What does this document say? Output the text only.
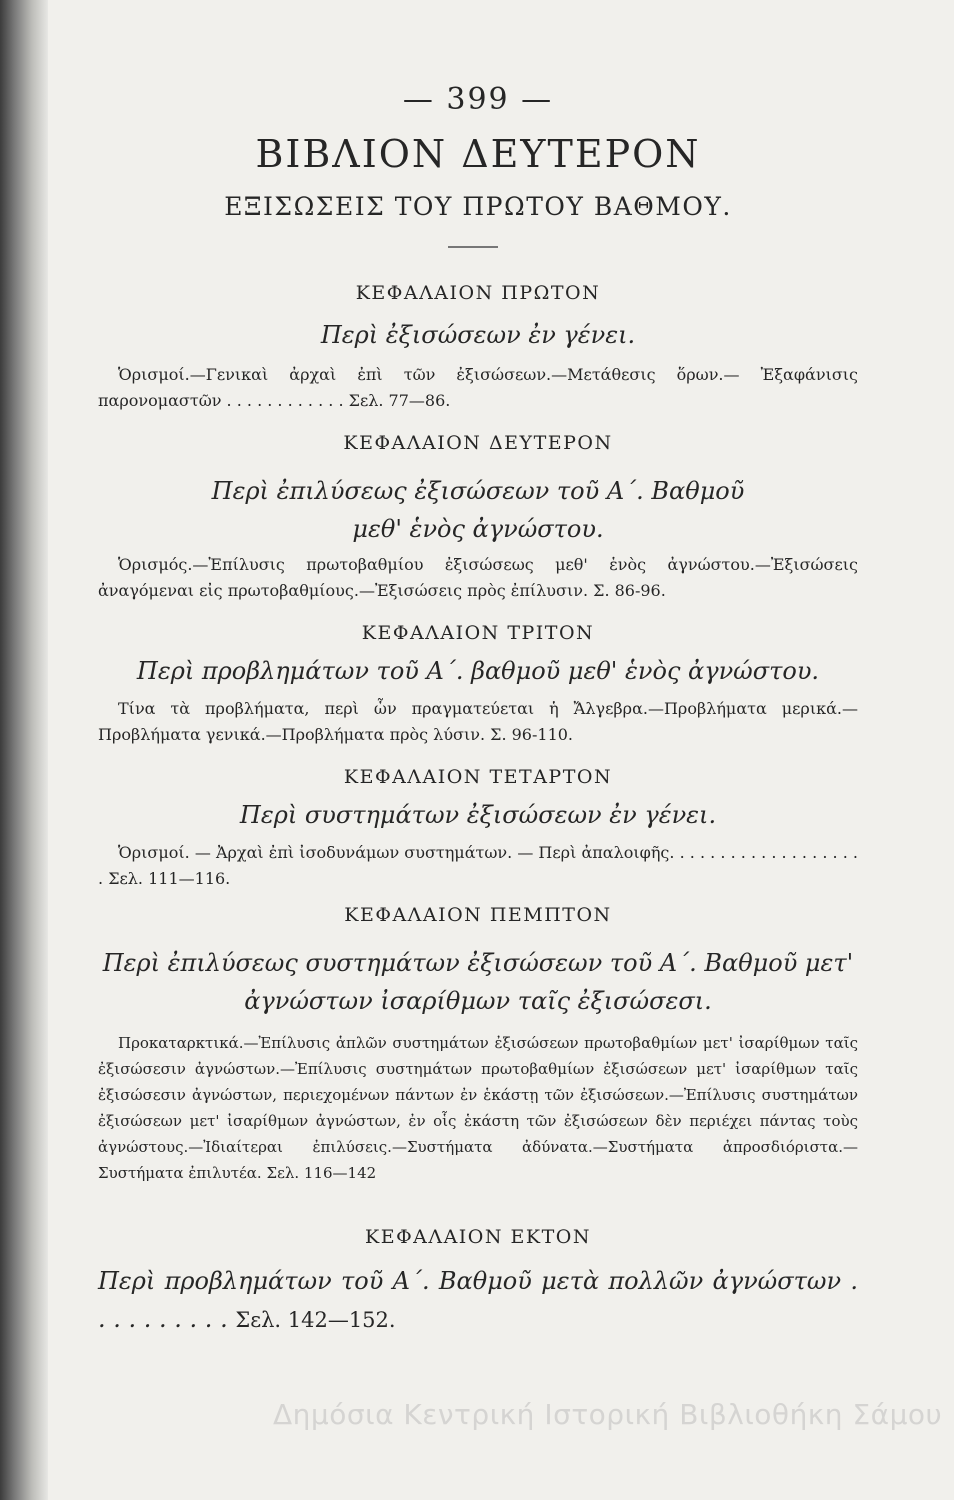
— 399 —
ΒΙΒΛΙΟΝ ΔΕΥΤΕΡΟΝ
ΕΞΙΣΩΣΕΙΣ ΤΟΥ ΠΡΩΤΟΥ ΒΑΘΜΟΥ.
ΚΕΦΑΛΑΙΟΝ ΠΡΩΤΟΝ
Περὶ ἐξισώσεων ἐν γένει.
Ὁρισμοί.—Γενικαὶ ἀρχαὶ ἐπὶ τῶν ἐξισώσεων.—Μετάθεσις ὅρων.— Ἐξαφάνισις παρονομαστῶν . . . . . . . . . . . . Σελ. 77—86.
ΚΕΦΑΛΑΙΟΝ ΔΕΥΤΕΡΟΝ
Περὶ ἐπιλύσεως ἐξισώσεων τοῦ Α΄. Βαθμοῦ μεθ' ἑνὸς ἀγνώστου.
Ὁρισμός.—Ἐπίλυσις πρωτοβαθμίου ἐξισώσεως μεθ' ἑνὸς ἀγνώστου.—Ἐξισώσεις ἀναγόμεναι εἰς πρωτοβαθμίους.—Ἐξισώσεις πρὸς ἐπίλυσιν. Σ. 86-96.
ΚΕΦΑΛΑΙΟΝ ΤΡΙΤΟΝ
Περὶ προβλημάτων τοῦ Α΄. βαθμοῦ μεθ' ἑνὸς ἀγνώστου.
Τίνα τὰ προβλήματα, περὶ ὧν πραγματεύεται ἡ Ἄλγεβρα.—Προβλήματα μερικά.—Προβλήματα γενικά.—Προβλήματα πρὸς λύσιν. Σ. 96-110.
ΚΕΦΑΛΑΙΟΝ ΤΕΤΑΡΤΟΝ
Περὶ συστημάτων ἐξισώσεων ἐν γένει.
Ὁρισμοί. — Ἀρχαὶ ἐπὶ ἰσοδυνάμων συστημάτων. — Περὶ ἀπαλοιφῆς. . . . . . . . . . . . . . . . . . . . Σελ. 111—116.
ΚΕΦΑΛΑΙΟΝ ΠΕΜΠΤΟΝ
Περὶ ἐπιλύσεως συστημάτων ἐξισώσεων τοῦ Α΄. Βαθμοῦ μετ' ἀγνώστων ἰσαρίθμων ταῖς ἐξισώσεσι.
Προκαταρκτικά.—Ἐπίλυσις ἁπλῶν συστημάτων ἐξισώσεων πρωτοβαθμίων μετ' ἰσαρίθμων ταῖς ἐξισώσεσιν ἀγνώστων.—Ἐπίλυσις συστημάτων πρωτοβαθμίων ἐξισώσεων μετ' ἰσαρίθμων ταῖς ἐξισώσεσιν ἀγνώστων, περιεχομένων πάντων ἐν ἑκάστῃ τῶν ἐξισώσεων.—Ἐπίλυσις συστημάτων ἐξισώσεων μετ' ἰσαρίθμων ἀγνώστων, ἐν οἷς ἑκάστη τῶν ἐξισώσεων δὲν περιέχει πάντας τοὺς ἀγνώστους.—Ἰδιαίτεραι ἐπιλύσεις.—Συστήματα ἀδύνατα.—Συστήματα ἀπροσδιόριστα.—Συστήματα ἐπιλυτέα. Σελ. 116—142
ΚΕΦΑΛΑΙΟΝ ΕΚΤΟΝ
Περὶ προβλημάτων τοῦ Α΄. Βαθμοῦ μετὰ πολλῶν ἀγνώστων . . . . . . . . . . Σελ. 142—152.
Δημόσια Κεντρική Ιστορική Βιβλιοθήκη Σάμου
